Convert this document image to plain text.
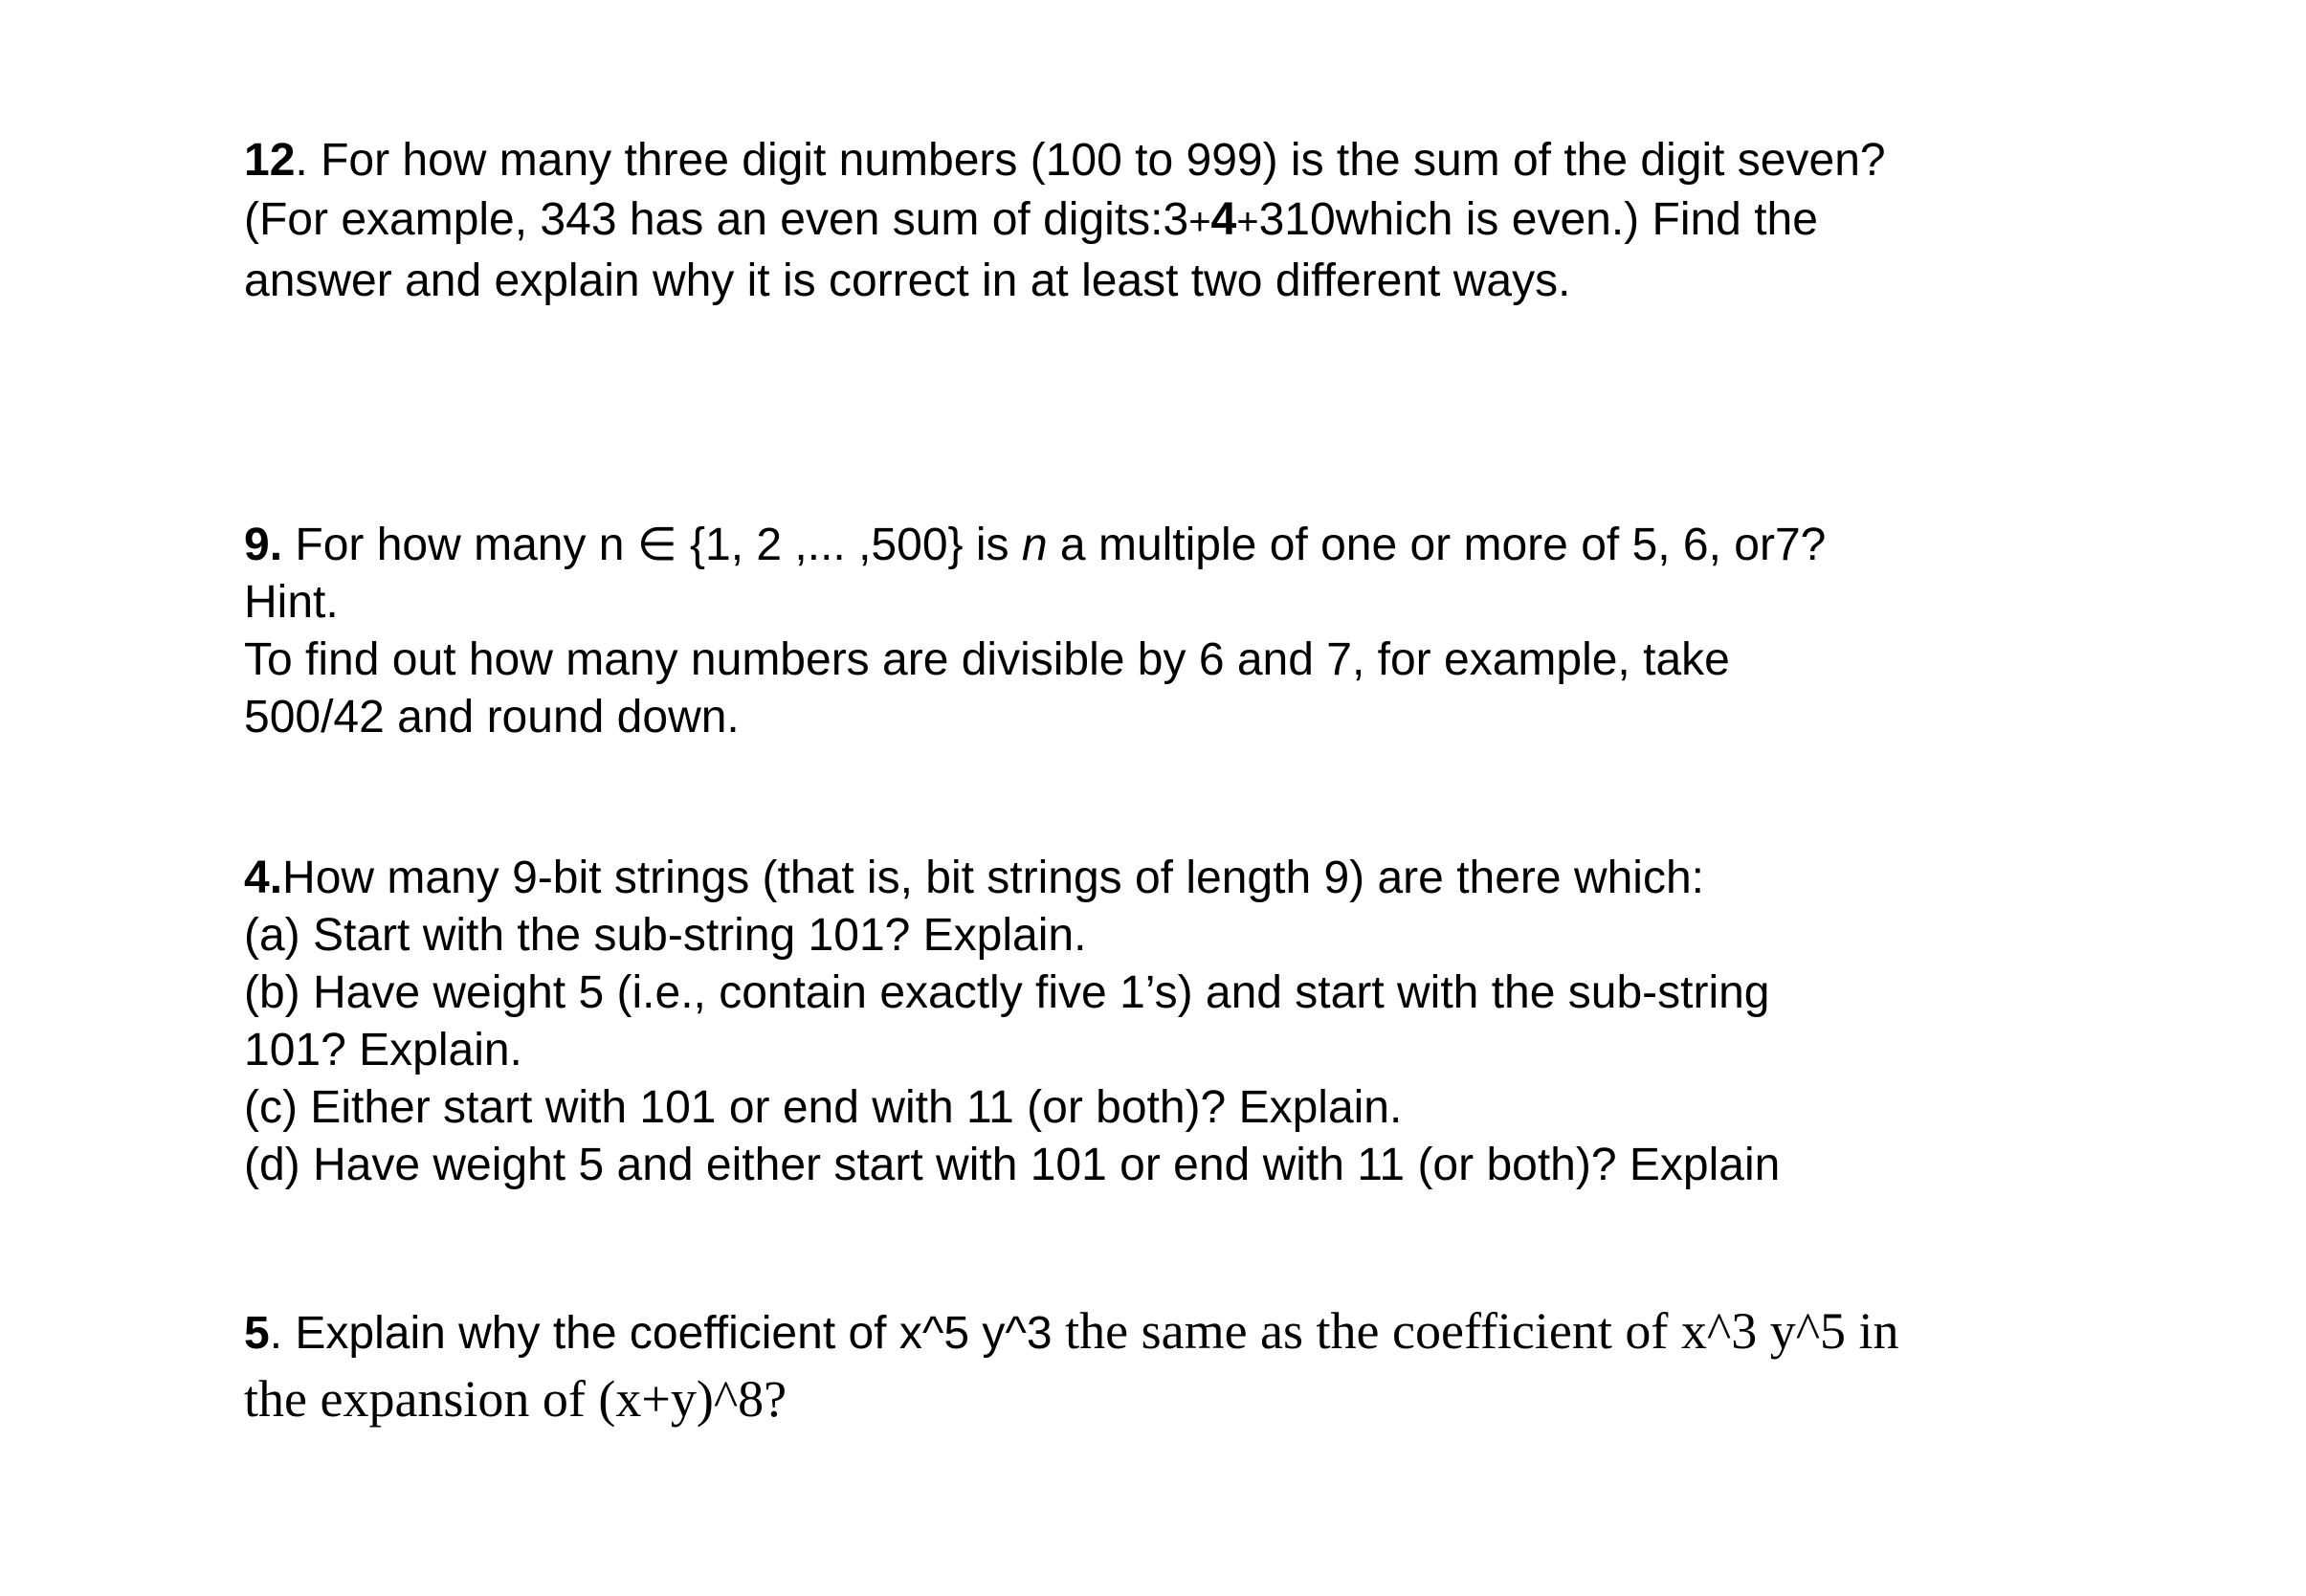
12. For how many three digit numbers (100 to 999) is the sum of the digit seven?
(For example, 343 has an even sum of digits:3+4+310which is even.) Find the
answer and explain why it is correct in at least two different ways.
9. For how many n ∈ {1, 2 ,... ,500} is n a multiple of one or more of 5, 6, or7?
Hint.
To find out how many numbers are divisible by 6 and 7, for example, take
500/42 and round down.
4.How many 9-bit strings (that is, bit strings of length 9) are there which:
(a) Start with the sub-string 101? Explain.
(b) Have weight 5 (i.e., contain exactly five 1’s) and start with the sub-string
101? Explain.
(c) Either start with 101 or end with 11 (or both)? Explain.
(d) Have weight 5 and either start with 101 or end with 11 (or both)? Explain
5. Explain why the coefficient of x^5 y^3 the same as the coefficient of x^3 y^5 in
the expansion of (x+y)^8?
